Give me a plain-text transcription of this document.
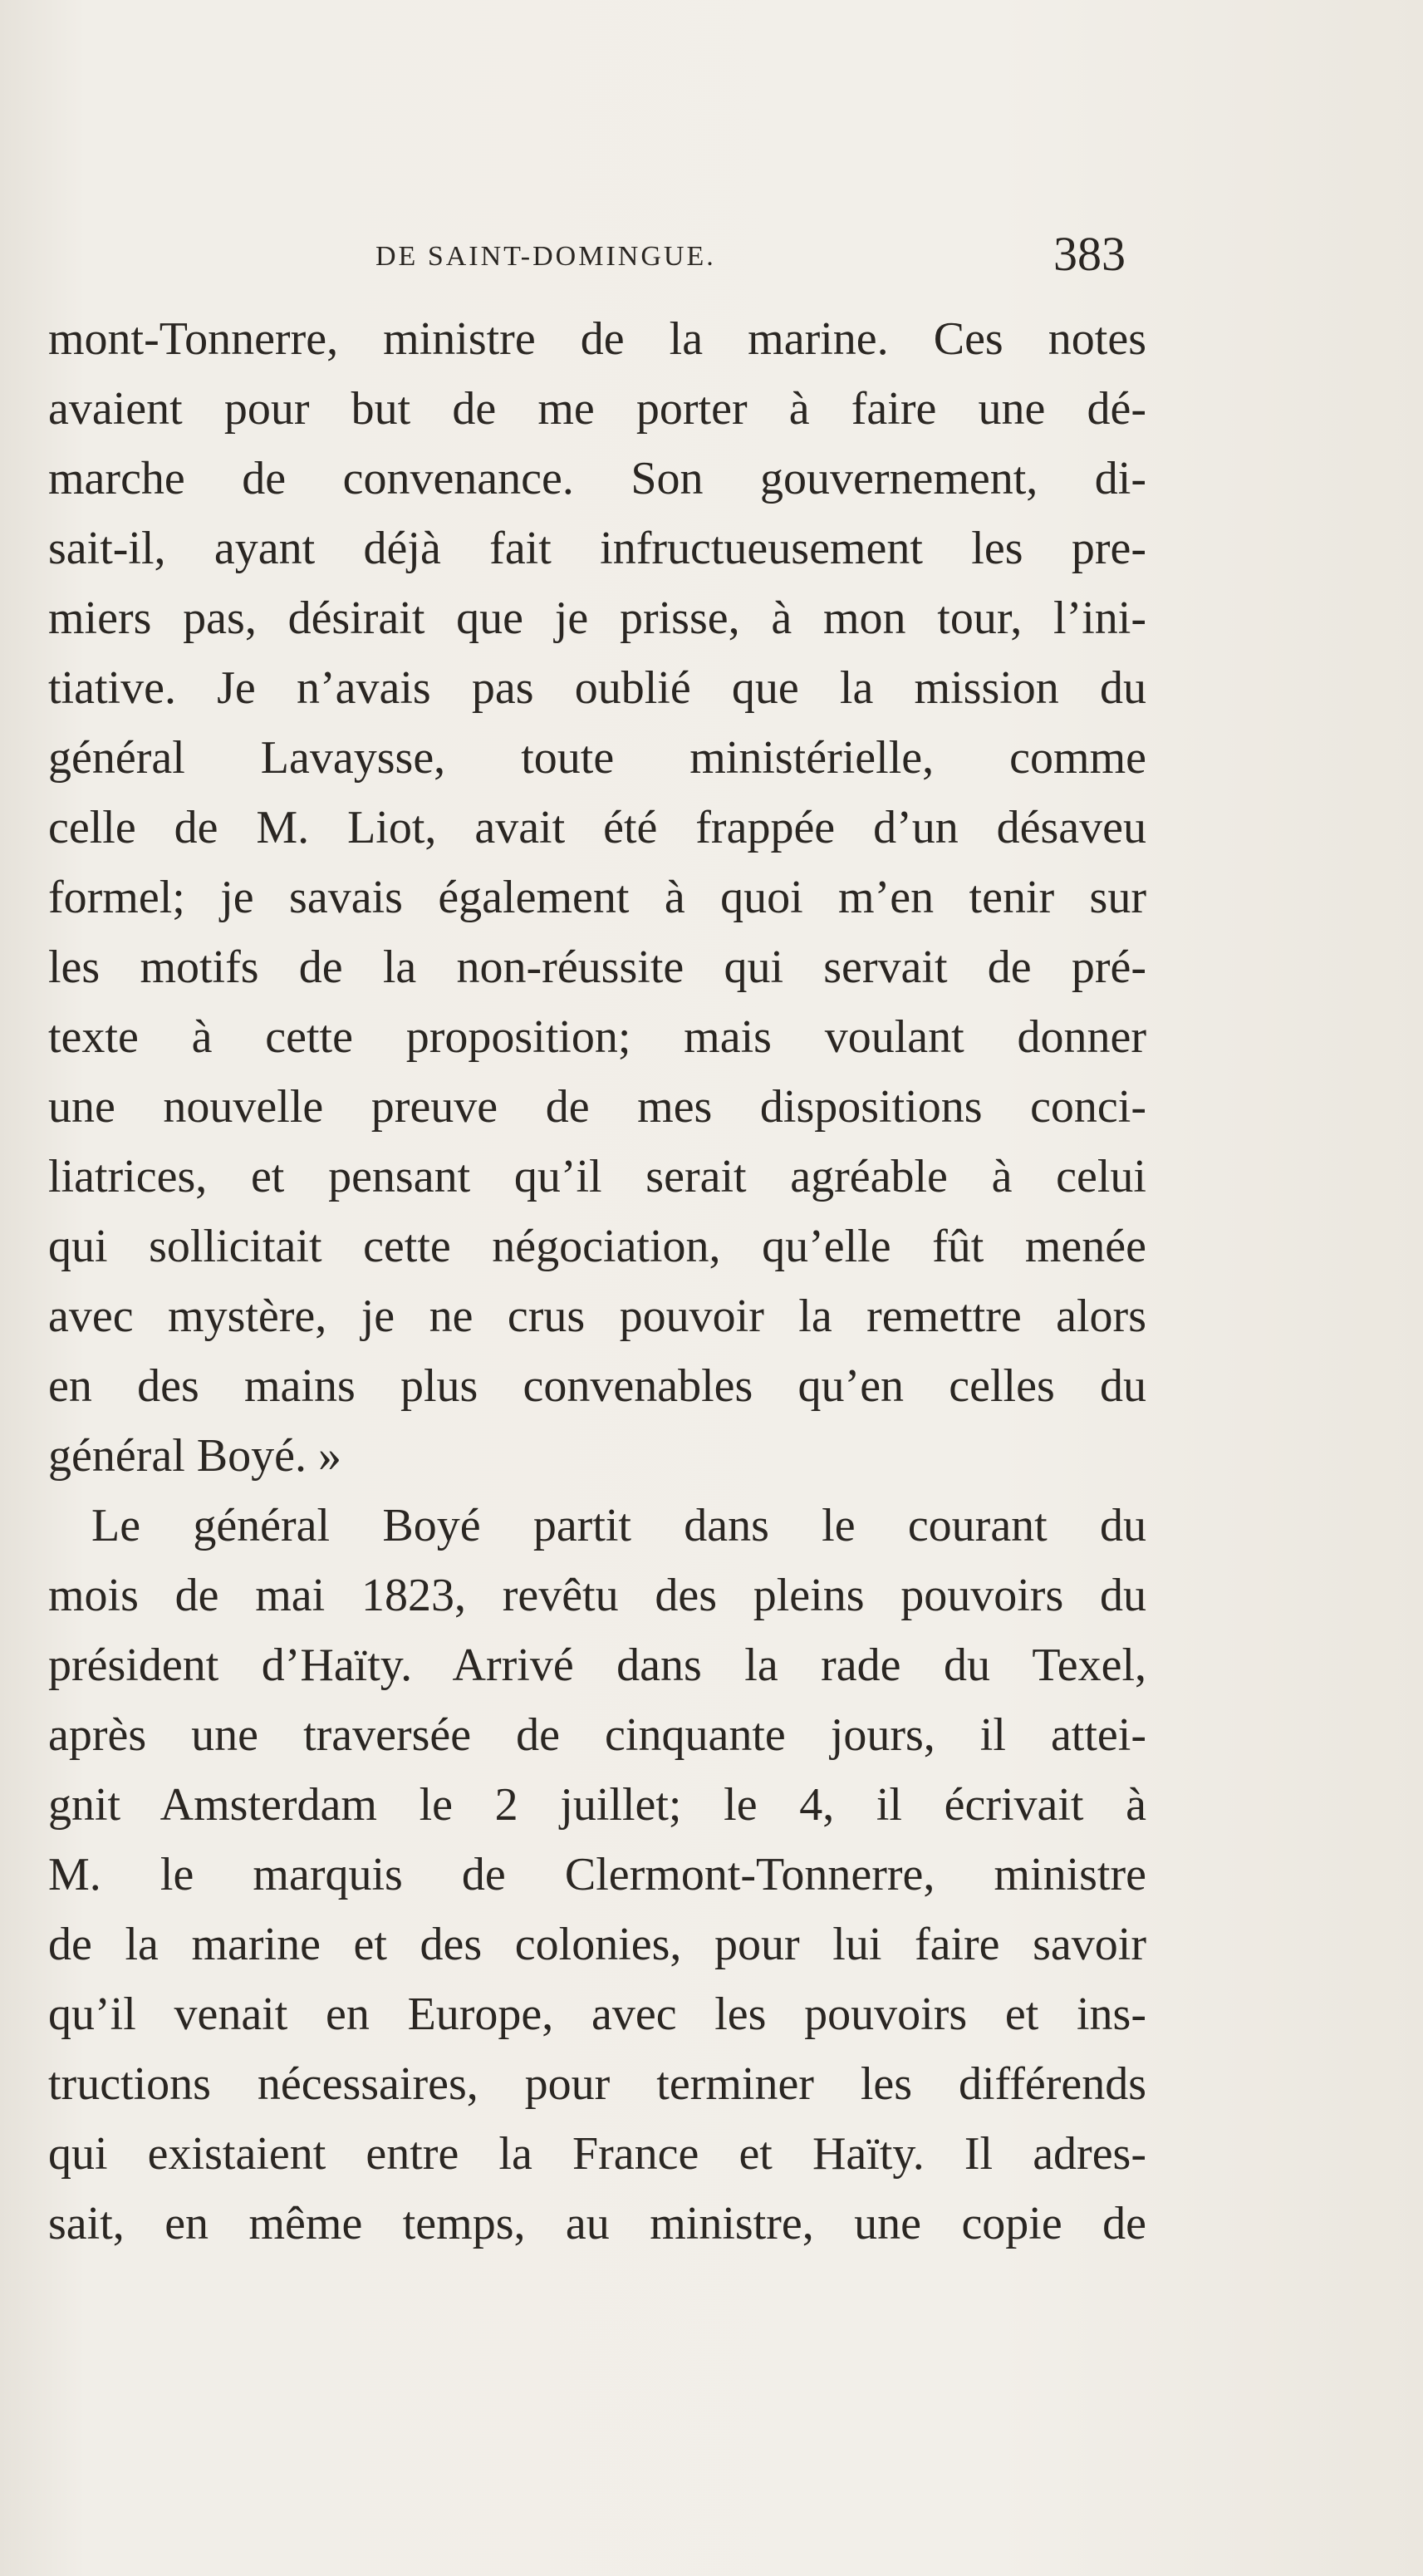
DE SAINT-DOMINGUE.	383
mont-Tonnerre, ministre de la marine. Ces notes
avaient pour but de me porter à faire une dé-
marche de convenance. Son gouvernement, di-
sait-il, ayant déjà fait infructueusement les pre-
miers pas, désirait que je prisse, à mon tour, l’ini-
tiative. Je n’avais pas oublié que la mission du
général Lavaysse, toute ministérielle, comme
celle de M. Liot, avait été frappée d’un désaveu
formel; je savais également à quoi m’en tenir sur
les motifs de la non-réussite qui servait de pré-
texte à cette proposition; mais voulant donner
une nouvelle preuve de mes dispositions conci-
liatrices, et pensant qu’il serait agréable à celui
qui sollicitait cette négociation, qu’elle fût menée
avec mystère, je ne crus pouvoir la remettre alors
en des mains plus convenables qu’en celles du
général Boyé. »
Le général Boyé partit dans le courant du
mois de mai 1823, revêtu des pleins pouvoirs du
président d’Haïty. Arrivé dans la rade du Texel,
après une traversée de cinquante jours, il attei-
gnit Amsterdam le 2 juillet; le 4, il écrivait à
M. le marquis de Clermont-Tonnerre, ministre
de la marine et des colonies, pour lui faire savoir
qu’il venait en Europe, avec les pouvoirs et ins-
tructions nécessaires, pour terminer les différends
qui existaient entre la France et Haïty. Il adres-
sait, en même temps, au ministre, une copie de
